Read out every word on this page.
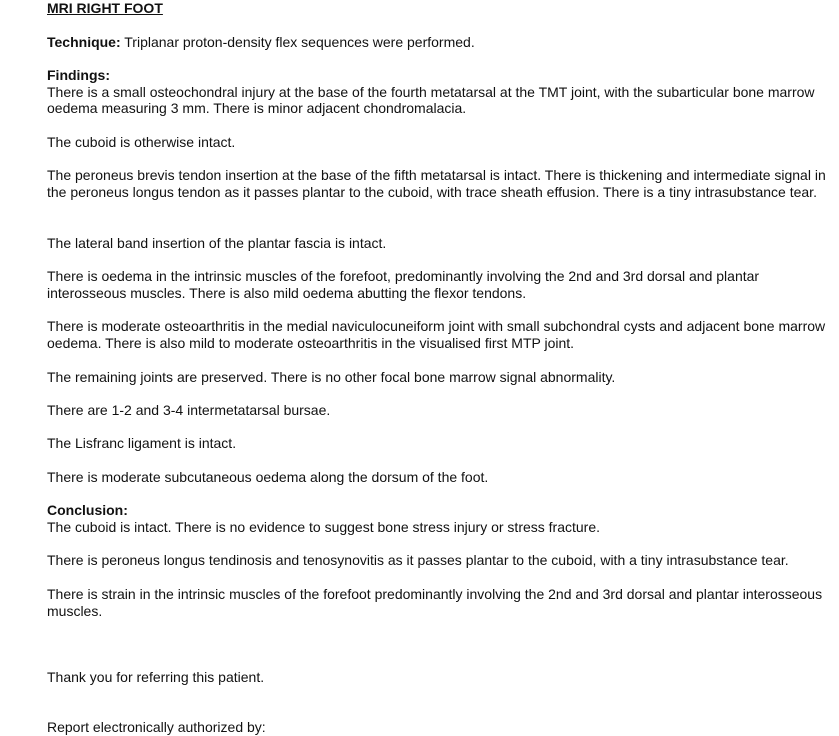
MRI RIGHT FOOT

Technique: Triplanar proton-density flex sequences were performed.

Findings:
There is a small osteochondral injury at the base of the fourth metatarsal at the TMT joint, with the subarticular bone marrow oedema measuring 3 mm. There is minor adjacent chondromalacia.

The cuboid is otherwise intact.

The peroneus brevis tendon insertion at the base of the fifth metatarsal is intact. There is thickening and intermediate signal in the peroneus longus tendon as it passes plantar to the cuboid, with trace sheath effusion. There is a tiny intrasubstance tear.

The lateral band insertion of the plantar fascia is intact.

There is oedema in the intrinsic muscles of the forefoot, predominantly involving the 2nd and 3rd dorsal and plantar interosseous muscles. There is also mild oedema abutting the flexor tendons.

There is moderate osteoarthritis in the medial naviculocuneiform joint with small subchondral cysts and adjacent bone marrow oedema. There is also mild to moderate osteoarthritis in the visualised first MTP joint.

The remaining joints are preserved. There is no other focal bone marrow signal abnormality.

There are 1-2 and 3-4 intermetatarsal bursae.

The Lisfranc ligament is intact.

There is moderate subcutaneous oedema along the dorsum of the foot.

Conclusion:
The cuboid is intact. There is no evidence to suggest bone stress injury or stress fracture.

There is peroneus longus tendinosis and tenosynovitis as it passes plantar to the cuboid, with a tiny intrasubstance tear.

There is strain in the intrinsic muscles of the forefoot predominantly involving the 2nd and 3rd dorsal and plantar interosseous muscles.

Thank you for referring this patient.

Report electronically authorized by:
